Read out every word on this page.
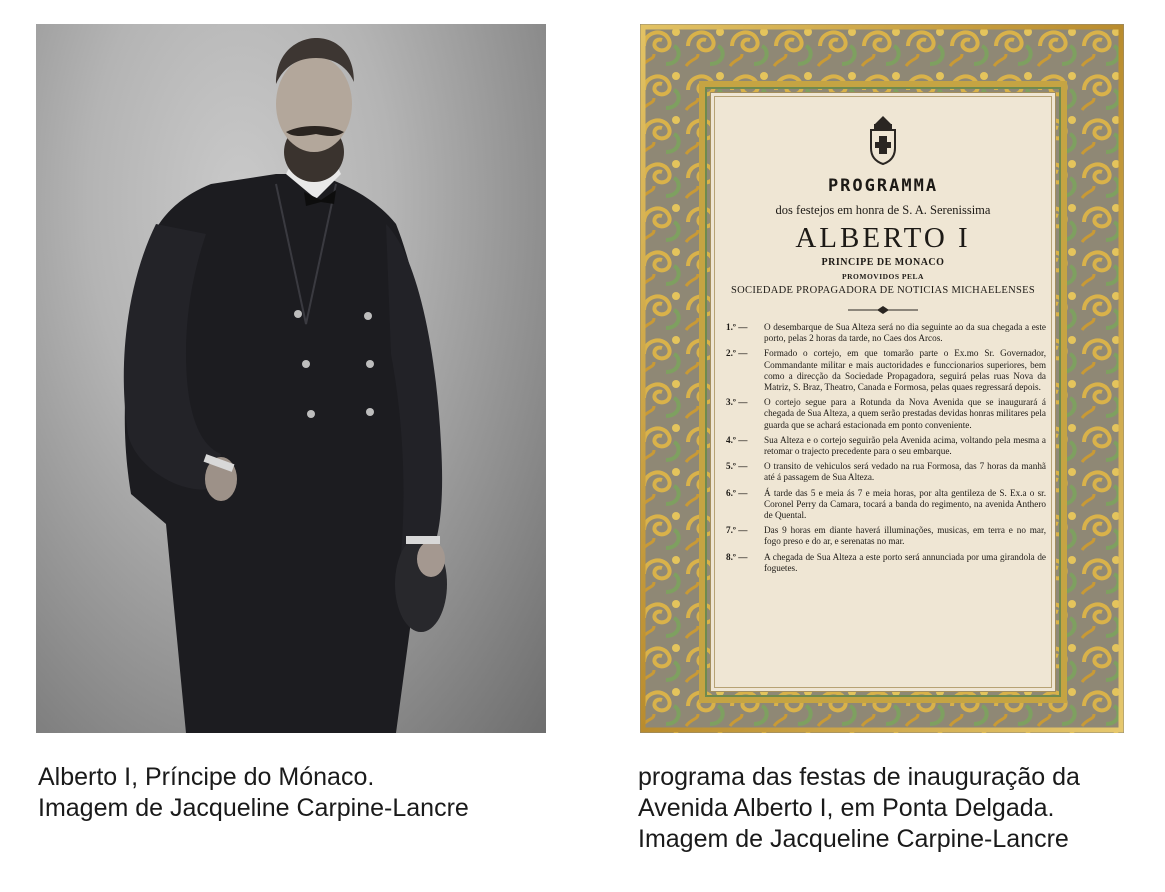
PROGRAMMA
dos festejos em honra de S. A. Serenissima
ALBERTO I
PRINCIPE DE MONACO
PROMOVIDOS PELA
SOCIEDADE PROPAGADORA DE NOTICIAS MICHAELENSES
1.º —	O desembarque de Sua Alteza será no dia seguinte ao da sua chegada a este porto, pelas 2 horas da tarde, no Caes dos Arcos.
2.º —	Formado o cortejo, em que tomarão parte o Ex.mo Sr. Governador, Commandante militar e mais auctoridades e funccionarios superiores, bem como a direcção da Sociedade Propagadora, seguirá pelas ruas Nova da Matriz, S. Braz, Theatro, Canada e Formosa, pelas quaes regressará depois.
3.º —	O cortejo segue para a Rotunda da Nova Avenida que se inaugurará á chegada de Sua Alteza, a quem serão prestadas devidas honras militares pela guarda que se achará estacionada em ponto conveniente.
4.º —	Sua Alteza e o cortejo seguirão pela Avenida acima, voltando pela mesma a retomar o trajecto precedente para o seu embarque.
5.º —	O transito de vehiculos será vedado na rua Formosa, das 7 horas da manhã até á passagem de Sua Alteza.
6.º —	Á tarde das 5 e meia ás 7 e meia horas, por alta gentileza de S. Ex.a o sr. Coronel Perry da Camara, tocará a banda do regimento, na avenida Anthero de Quental.
7.º —	Das 9 horas em diante haverá illuminações, musicas, em terra e no mar, fogo preso e do ar, e serenatas no mar.
8.º —	A chegada de Sua Alteza a este porto será annunciada por uma girandola de foguetes.
Alberto I, Príncipe do Mónaco.
Imagem de Jacqueline Carpine-Lancre
programa das festas de inauguração da
Avenida Alberto I, em Ponta Delgada.
Imagem de Jacqueline Carpine-Lancre
